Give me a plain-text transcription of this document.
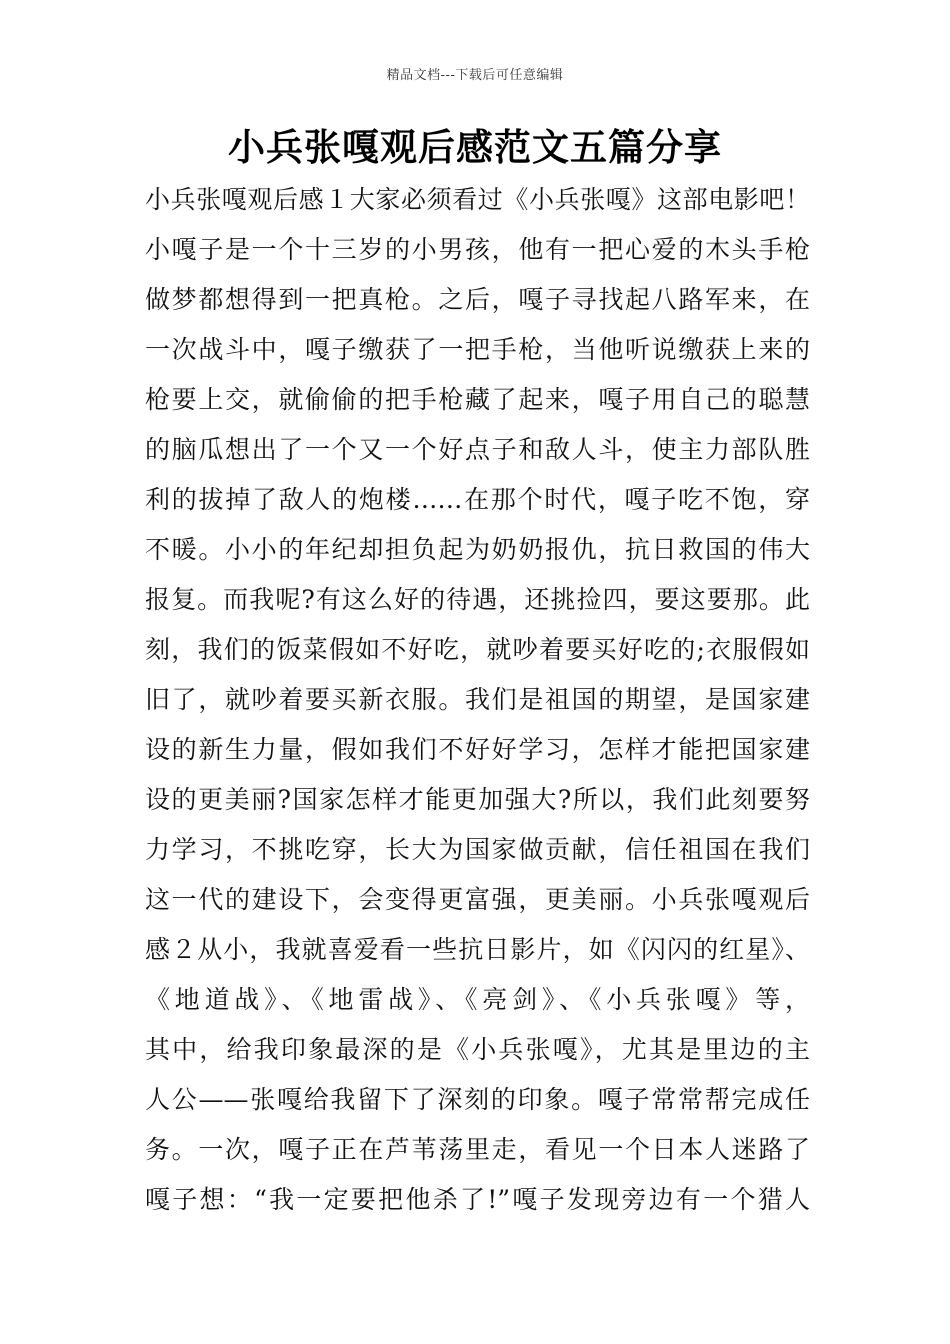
精品文档---下载后可任意编辑
小兵张嘎观后感范文五篇分享
小兵张嘎观后感１大家必须看过《小兵张嘎》这部电影吧！
小嘎子是一个十三岁的小男孩，他有一把心爱的木头手枪
做梦都想得到一把真枪。之后，嘎子寻找起八路军来，在
一次战斗中，嘎子缴获了一把手枪，当他听说缴获上来的
枪要上交，就偷偷的把手枪藏了起来，嘎子用自己的聪慧
的脑瓜想出了一个又一个好点子和敌人斗，使主力部队胜
利的拔掉了敌人的炮楼……在那个时代，嘎子吃不饱，穿
不暖。小小的年纪却担负起为奶奶报仇，抗日救国的伟大
报复。而我呢?有这么好的待遇，还挑捡四，要这要那。此
刻，我们的饭菜假如不好吃，就吵着要买好吃的;衣服假如
旧了，就吵着要买新衣服。我们是祖国的期望，是国家建
设的新生力量，假如我们不好好学习，怎样才能把国家建
设的更美丽?国家怎样才能更加强大?所以，我们此刻要努
力学习，不挑吃穿，长大为国家做贡献，信任祖国在我们
这一代的建设下，会变得更富强，更美丽。小兵张嘎观后
感２从小，我就喜爱看一些抗日影片，如《闪闪的红星》、
《地道战》、《地雷战》、《亮剑》、《小兵张嘎》等，
其中，给我印象最深的是《小兵张嘎》，尤其是里边的主
人公——张嘎给我留下了深刻的印象。嘎子常常帮完成任
务。一次，嘎子正在芦苇荡里走，看见一个日本人迷路了
嘎子想：“我一定要把他杀了!”嘎子发现旁边有一个猎人
